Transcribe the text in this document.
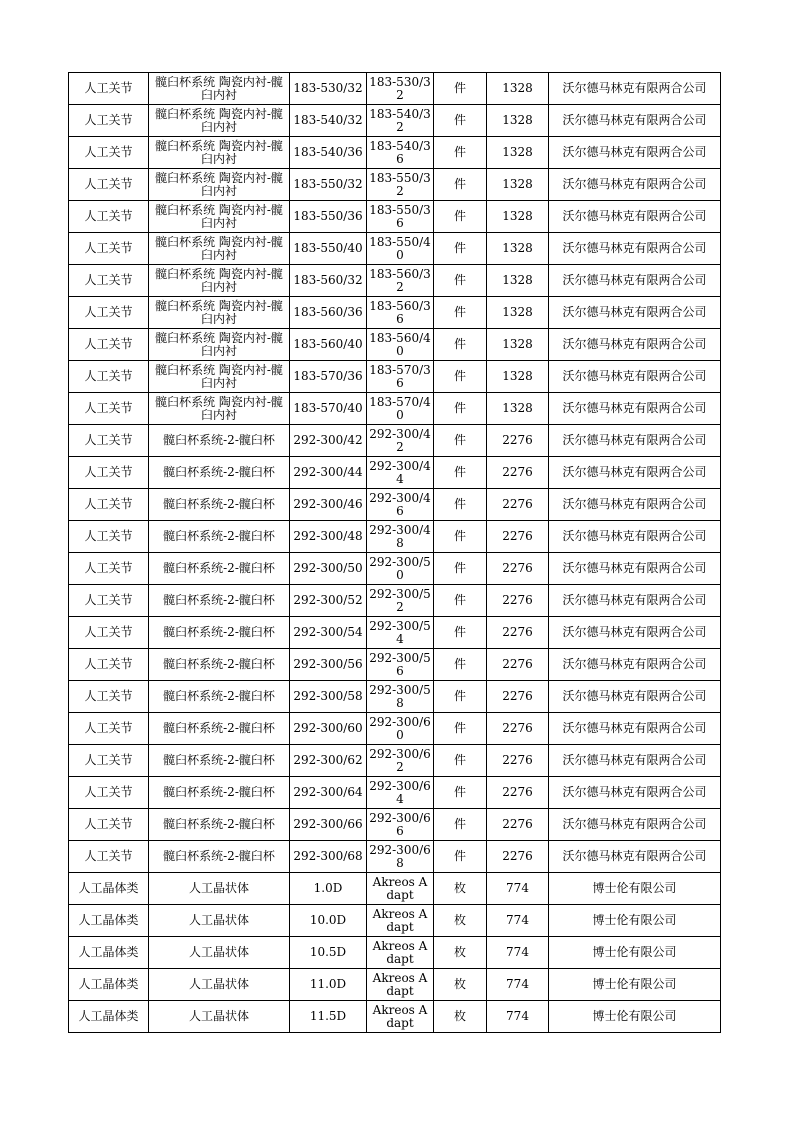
人工关节	髋臼杯系统 陶瓷内衬-髋臼内衬	183-530/32	183-530/32	件	1328	沃尔德马林克有限两合公司
人工关节	髋臼杯系统 陶瓷内衬-髋臼内衬	183-540/32	183-540/32	件	1328	沃尔德马林克有限两合公司
人工关节	髋臼杯系统 陶瓷内衬-髋臼内衬	183-540/36	183-540/36	件	1328	沃尔德马林克有限两合公司
人工关节	髋臼杯系统 陶瓷内衬-髋臼内衬	183-550/32	183-550/32	件	1328	沃尔德马林克有限两合公司
人工关节	髋臼杯系统 陶瓷内衬-髋臼内衬	183-550/36	183-550/36	件	1328	沃尔德马林克有限两合公司
人工关节	髋臼杯系统 陶瓷内衬-髋臼内衬	183-550/40	183-550/40	件	1328	沃尔德马林克有限两合公司
人工关节	髋臼杯系统 陶瓷内衬-髋臼内衬	183-560/32	183-560/32	件	1328	沃尔德马林克有限两合公司
人工关节	髋臼杯系统 陶瓷内衬-髋臼内衬	183-560/36	183-560/36	件	1328	沃尔德马林克有限两合公司
人工关节	髋臼杯系统 陶瓷内衬-髋臼内衬	183-560/40	183-560/40	件	1328	沃尔德马林克有限两合公司
人工关节	髋臼杯系统 陶瓷内衬-髋臼内衬	183-570/36	183-570/36	件	1328	沃尔德马林克有限两合公司
人工关节	髋臼杯系统 陶瓷内衬-髋臼内衬	183-570/40	183-570/40	件	1328	沃尔德马林克有限两合公司
人工关节	髋臼杯系统-2-髋臼杯	292-300/42	292-300/42	件	2276	沃尔德马林克有限两合公司
人工关节	髋臼杯系统-2-髋臼杯	292-300/44	292-300/44	件	2276	沃尔德马林克有限两合公司
人工关节	髋臼杯系统-2-髋臼杯	292-300/46	292-300/46	件	2276	沃尔德马林克有限两合公司
人工关节	髋臼杯系统-2-髋臼杯	292-300/48	292-300/48	件	2276	沃尔德马林克有限两合公司
人工关节	髋臼杯系统-2-髋臼杯	292-300/50	292-300/50	件	2276	沃尔德马林克有限两合公司
人工关节	髋臼杯系统-2-髋臼杯	292-300/52	292-300/52	件	2276	沃尔德马林克有限两合公司
人工关节	髋臼杯系统-2-髋臼杯	292-300/54	292-300/54	件	2276	沃尔德马林克有限两合公司
人工关节	髋臼杯系统-2-髋臼杯	292-300/56	292-300/56	件	2276	沃尔德马林克有限两合公司
人工关节	髋臼杯系统-2-髋臼杯	292-300/58	292-300/58	件	2276	沃尔德马林克有限两合公司
人工关节	髋臼杯系统-2-髋臼杯	292-300/60	292-300/60	件	2276	沃尔德马林克有限两合公司
人工关节	髋臼杯系统-2-髋臼杯	292-300/62	292-300/62	件	2276	沃尔德马林克有限两合公司
人工关节	髋臼杯系统-2-髋臼杯	292-300/64	292-300/64	件	2276	沃尔德马林克有限两合公司
人工关节	髋臼杯系统-2-髋臼杯	292-300/66	292-300/66	件	2276	沃尔德马林克有限两合公司
人工关节	髋臼杯系统-2-髋臼杯	292-300/68	292-300/68	件	2276	沃尔德马林克有限两合公司
人工晶体类	人工晶状体	1.0D	Akreos Adapt	枚	774	博士伦有限公司
人工晶体类	人工晶状体	10.0D	Akreos Adapt	枚	774	博士伦有限公司
人工晶体类	人工晶状体	10.5D	Akreos Adapt	枚	774	博士伦有限公司
人工晶体类	人工晶状体	11.0D	Akreos Adapt	枚	774	博士伦有限公司
人工晶体类	人工晶状体	11.5D	Akreos Adapt	枚	774	博士伦有限公司
